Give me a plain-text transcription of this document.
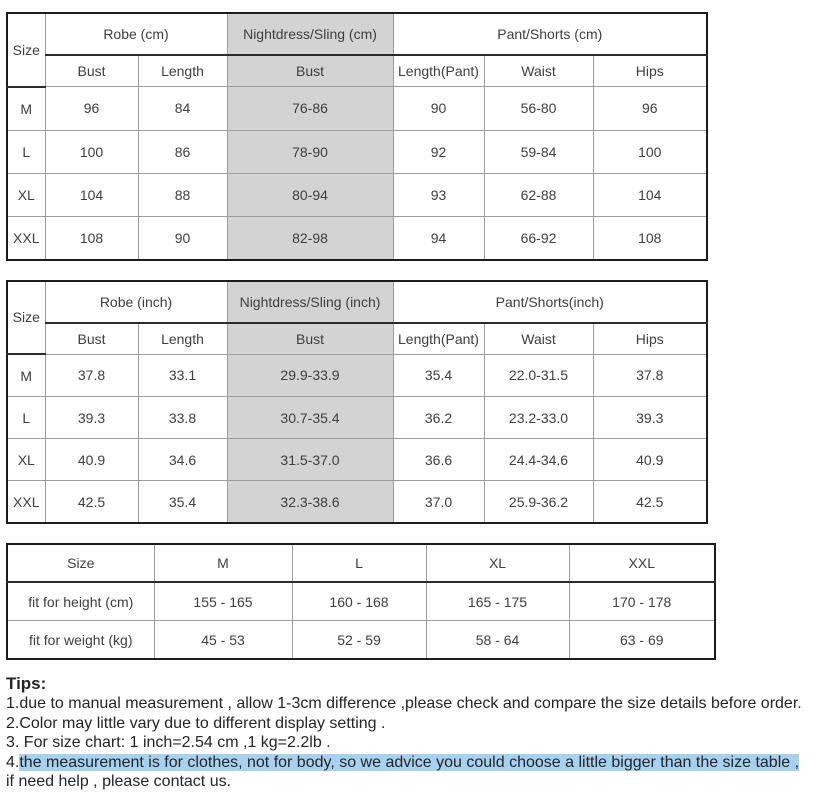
Size	Robe (cm)		Nightdress/Sling (cm)	Pant/Shorts (cm)		
	Bust	Length	Bust	Length(Pant)	Waist	Hips
M	96	84	76-86	90	56-80	96
L	100	86	78-90	92	59-84	100
XL	104	88	80-94	93	62-88	104
XXL	108	90	82-98	94	66-92	108
Size	Robe (inch)		Nightdress/Sling (inch)	Pant/Shorts(inch)		
	Bust	Length	Bust	Length(Pant)	Waist	Hips
M	37.8	33.1	29.9-33.9	35.4	22.0-31.5	37.8
L	39.3	33.8	30.7-35.4	36.2	23.2-33.0	39.3
XL	40.9	34.6	31.5-37.0	36.6	24.4-34.6	40.9
XXL	42.5	35.4	32.3-38.6	37.0	25.9-36.2	42.5
Size	M	L	XL	XXL
fit for height (cm)	155 - 165	160 - 168	165 - 175	170 - 178
fit for weight (kg)	45 - 53	52 - 59	58 - 64	63 - 69
Tips:
1.due to manual measurement , allow 1-3cm difference ,please check and compare the size details before order.
2.Color may little vary due to different display setting .
3. For size chart: 1 inch=2.54 cm ,1 kg=2.2lb .
4.the measurement is for clothes, not for body, so we advice you could choose a little bigger than the size table ,
if need help , please contact us.
